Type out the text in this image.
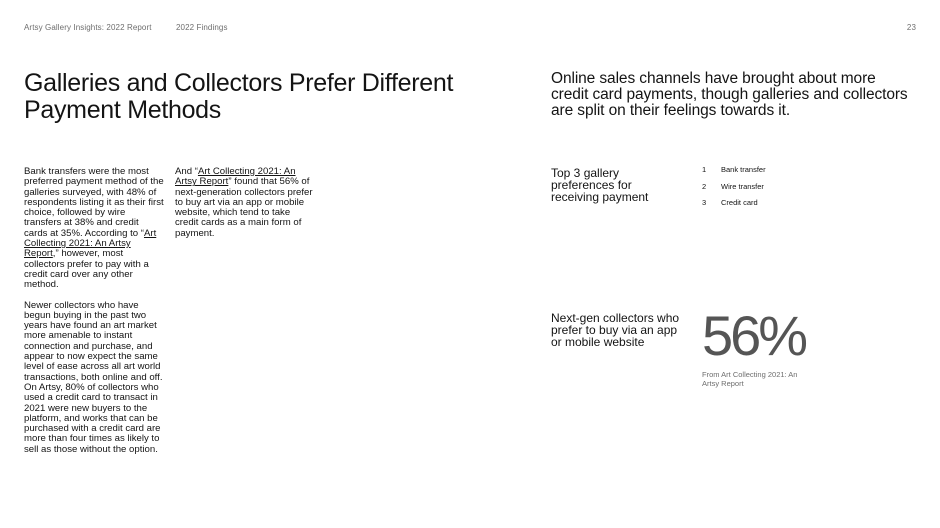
Artsy Gallery Insights: 2022 Report	2022 Findings	23
Galleries and Collectors Prefer Different Payment Methods
Online sales channels have brought about more credit card payments, though galleries and collectors are split on their feelings towards it.

Bank transfers were the most preferred payment method of the galleries surveyed, with 48% of respondents listing it as their first choice, followed by wire transfers at 38% and credit cards at 35%. According to “Art Collecting 2021: An Artsy Report,” however, most collectors prefer to pay with a credit card over any other method.

Newer collectors who have begun buying in the past two years have found an art market more amenable to instant connection and purchase, and appear to now expect the same level of ease across all art world transactions, both online and off. On Artsy, 80% of collectors who used a credit card to transact in 2021 were new buyers to the platform, and works that can be purchased with a credit card are more than four times as likely to sell as those without the option.

And “Art Collecting 2021: An Artsy Report” found that 56% of next-generation collectors prefer to buy art via an app or mobile website, which tend to take credit cards as a main form of payment.

Top 3 gallery preferences for receiving payment
1	Bank transfer
2	Wire transfer
3	Credit card
Next-gen collectors who prefer to buy via an app or mobile website	56%
From Art Collecting 2021: An Artsy Report
